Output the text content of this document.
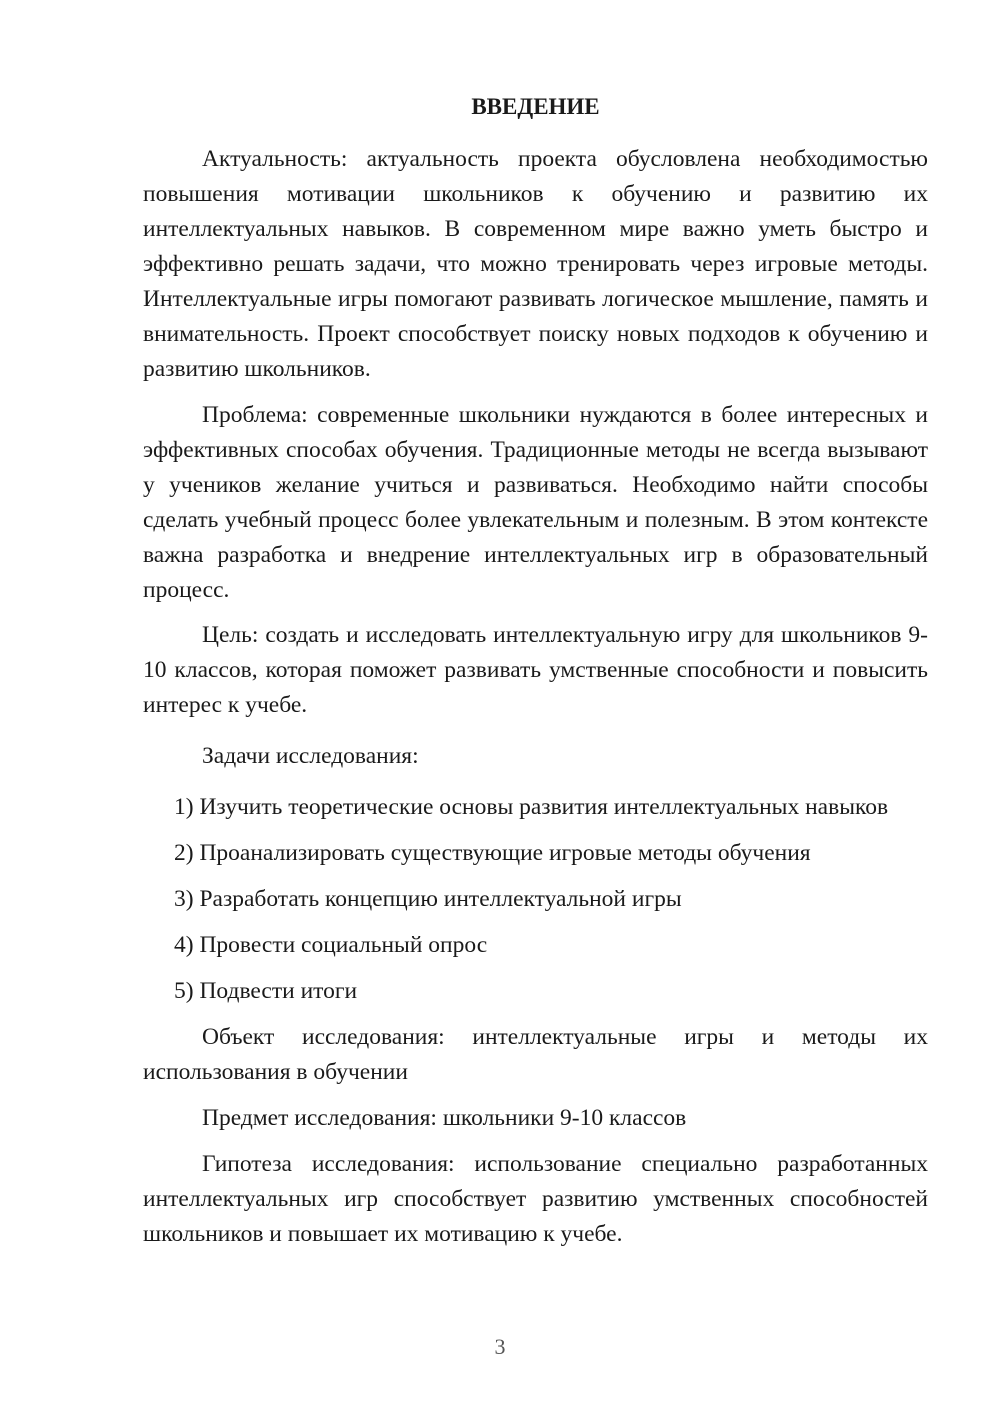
ВВЕДЕНИЕ

Актуальность: актуальность проекта обусловлена необходимостью повышения мотивации школьников к обучению и развитию их интеллектуальных навыков. В современном мире важно уметь быстро и эффективно решать задачи, что можно тренировать через игровые методы. Интеллектуальные игры помогают развивать логическое мышление, память и внимательность. Проект способствует поиску новых подходов к обучению и развитию школьников.

Проблема: современные школьники нуждаются в более интересных и эффективных способах обучения. Традиционные методы не всегда вызывают у учеников желание учиться и развиваться. Необходимо найти способы сделать учебный процесс более увлекательным и полезным. В этом контексте важна разработка и внедрение интеллектуальных игр в образовательный процесс.

Цель: создать и исследовать интеллектуальную игру для школьников 9-10 классов, которая поможет развивать умственные способности и повысить интерес к учебе.

Задачи исследования:

1) Изучить теоретические основы развития интеллектуальных навыков

2) Проанализировать существующие игровые методы обучения

3) Разработать концепцию интеллектуальной игры

4) Провести социальный опрос

5) Подвести итоги

Объект исследования: интеллектуальные игры и методы их использования в обучении

Предмет исследования: школьники 9-10 классов

Гипотеза исследования: использование специально разработанных интеллектуальных игр способствует развитию умственных способностей школьников и повышает их мотивацию к учебе.

3
